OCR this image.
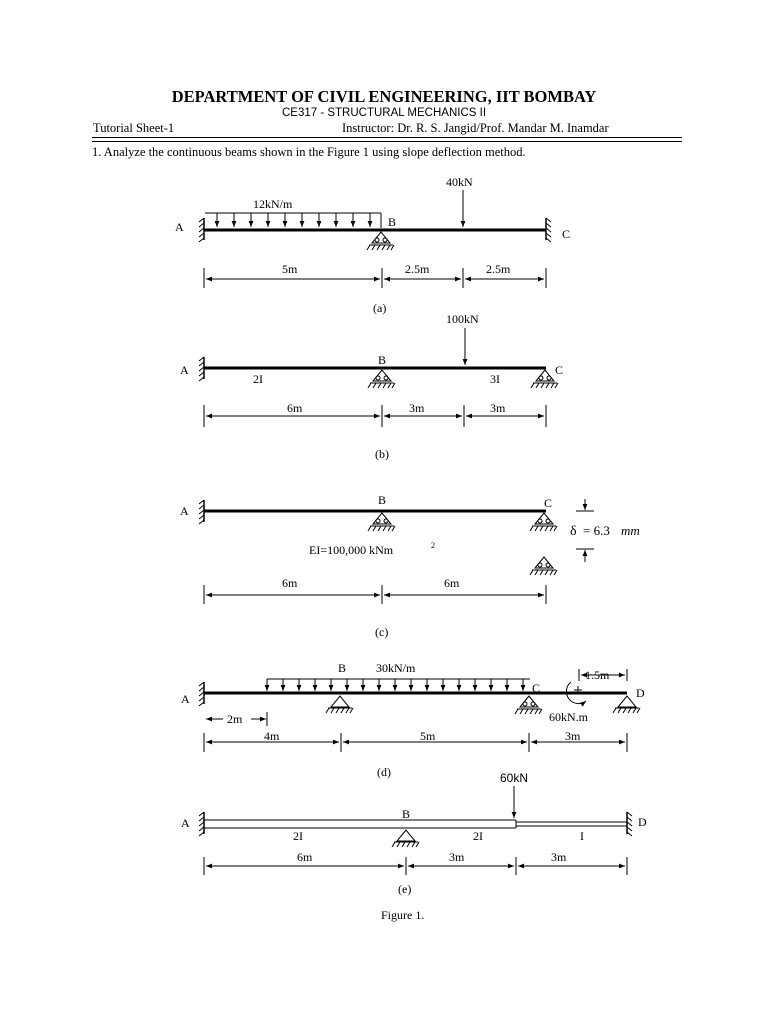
DEPARTMENT OF CIVIL ENGINEERING, IIT BOMBAY
CE317 - STRUCTURAL MECHANICS II
Tutorial Sheet-1	Instructor: Dr. R. S. Jangid/Prof. Mandar M. Inamdar
1. Analyze the continuous beams shown in the Figure 1 using slope deflection method.
12kN/m
40kN
A	B
C
5m	2.5m	2.5m
(a)
100kN
A
B
C
2I	3I
6m	3m	3m
(b)
A
B	C
δ = 6.3 mm
EI=100,000 kNm	2
6m	6m
(c)
30kN/m
60kN.m
1.5m
A
B
C	D
2m
4m	5m	3m
(d)	60kN
A
B
D
2I	2I	I
6m	3m	3m
(e)
Figure 1.
